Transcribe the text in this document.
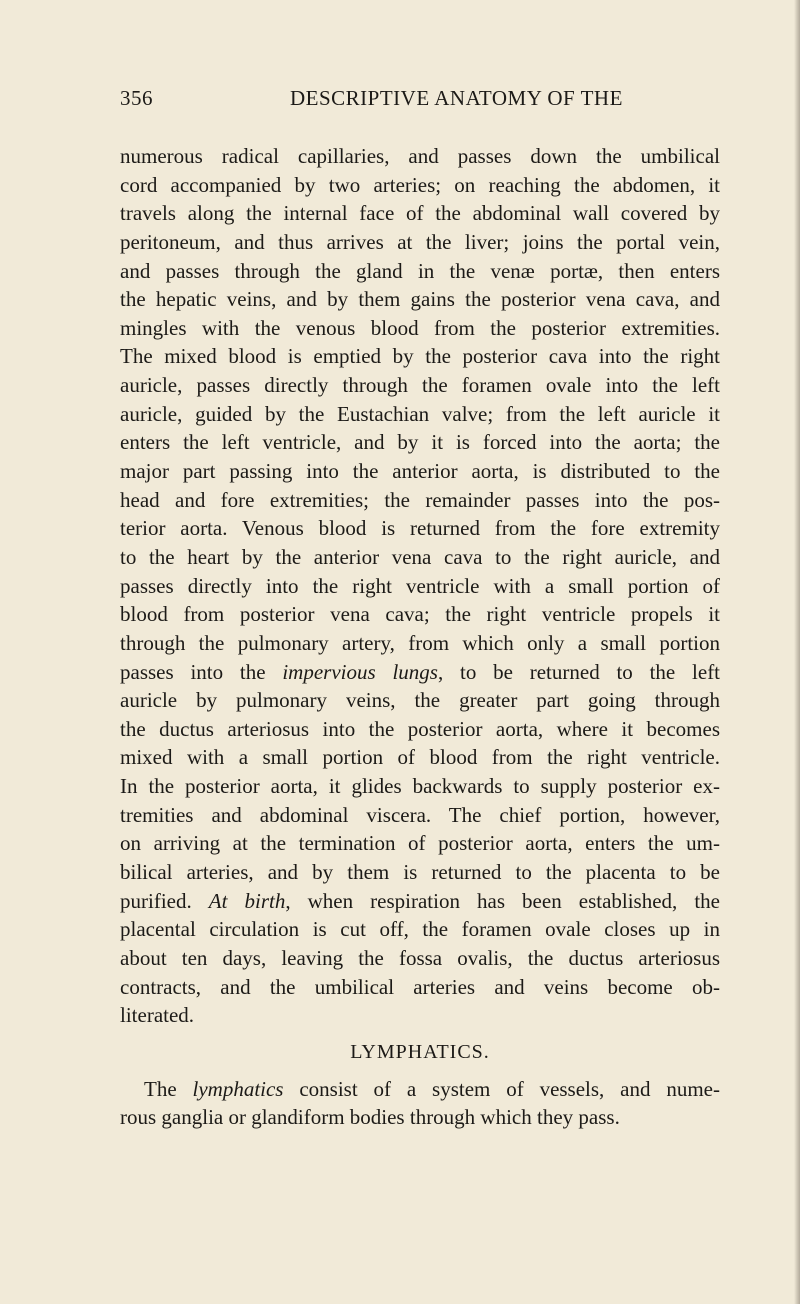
356	DESCRIPTIVE ANATOMY OF THE
numerous radical capillaries, and passes down the umbilical
cord accompanied by two arteries; on reaching the abdomen, it
travels along the internal face of the abdominal wall covered by
peritoneum, and thus arrives at the liver; joins the portal vein,
and passes through the gland in the venæ portæ, then enters
the hepatic veins, and by them gains the posterior vena cava, and
mingles with the venous blood from the posterior extremities.
The mixed blood is emptied by the posterior cava into the right
auricle, passes directly through the foramen ovale into the left
auricle, guided by the Eustachian valve; from the left auricle it
enters the left ventricle, and by it is forced into the aorta; the
major part passing into the anterior aorta, is distributed to the
head and fore extremities; the remainder passes into the pos-
terior aorta. Venous blood is returned from the fore extremity
to the heart by the anterior vena cava to the right auricle, and
passes directly into the right ventricle with a small portion of
blood from posterior vena cava; the right ventricle propels it
through the pulmonary artery, from which only a small portion
passes into the impervious lungs, to be returned to the left
auricle by pulmonary veins, the greater part going through
the ductus arteriosus into the posterior aorta, where it becomes
mixed with a small portion of blood from the right ventricle.
In the posterior aorta, it glides backwards to supply posterior ex-
tremities and abdominal viscera. The chief portion, however,
on arriving at the termination of posterior aorta, enters the um-
bilical arteries, and by them is returned to the placenta to be
purified. At birth, when respiration has been established, the
placental circulation is cut off, the foramen ovale closes up in
about ten days, leaving the fossa ovalis, the ductus arteriosus
contracts, and the umbilical arteries and veins become ob-
literated.
LYMPHATICS.
The lymphatics consist of a system of vessels, and nume-
rous ganglia or glandiform bodies through which they pass.
